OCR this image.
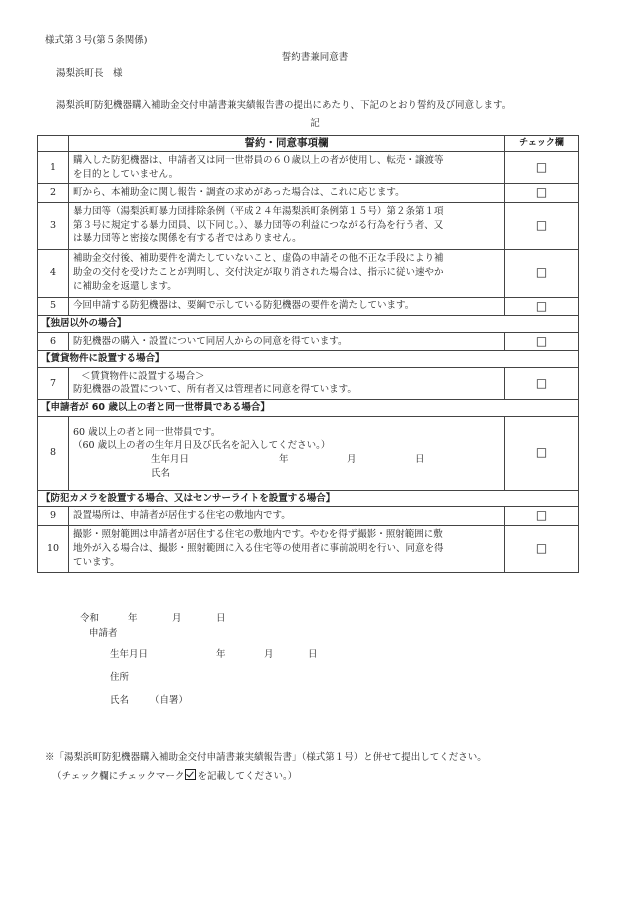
様式第３号(第５条関係)
誓約書兼同意書
湯梨浜町長　様
湯梨浜町防犯機器購入補助金交付申請書兼実績報告書の提出にあたり、下記のとおり誓約及び同意します。
記
	誓約・同意事項欄	チェック欄
1	購入した防犯機器は、申請者又は同一世帯員の６０歳以上の者が使用し、転売・譲渡等
を目的としていません。	□
2	町から、本補助金に関し報告・調査の求めがあった場合は、これに応じます。	□
3	暴力団等（湯梨浜町暴力団排除条例（平成２４年湯梨浜町条例第１５号）第２条第１項
第３号に規定する暴力団員、以下同じ。）、暴力団等の利益につながる行為を行う者、又
は暴力団等と密接な関係を有する者ではありません。	□
4	補助金交付後、補助要件を満たしていないこと、虚偽の申請その他不正な手段により補
助金の交付を受けたことが判明し、交付決定が取り消された場合は、指示に従い速やか
に補助金を返還します。	□
5	今回申請する防犯機器は、要綱で示している防犯機器の要件を満たしています。	□
【独居以外の場合】		
6	防犯機器の購入・設置について同居人からの同意を得ています。	□
【賃貸物件に設置する場合】		
7	＜賃貸物件に設置する場合＞
防犯機器の設置について、所有者又は管理者に同意を得ています。	□
【申請者が 60 歳以上の者と同一世帯員である場合】		
8	60 歳以上の者と同一世帯員です。
（60 歳以上の者の生年月日及び氏名を記入してください。）
生年月日 年 月 日
氏名	□
【防犯カメラを設置する場合、又はセンサーライトを設置する場合】		
9	設置場所は、申請者が居住する住宅の敷地内です。	□
10	撮影・照射範囲は申請者が居住する住宅の敷地内です。やむを得ず撮影・照射範囲に敷
地外が入る場合は、撮影・照射範囲に入る住宅等の使用者に事前説明を行い、同意を得
ています。	□
令和	年	月	日
申請者
生年月日	年	月	日
住所
氏名 （自署）
※「湯梨浜町防犯機器購入補助金交付申請書兼実績報告書」（様式第１号）と併せて提出してください。
（チェック欄にチェックマーク を記載してください。）
